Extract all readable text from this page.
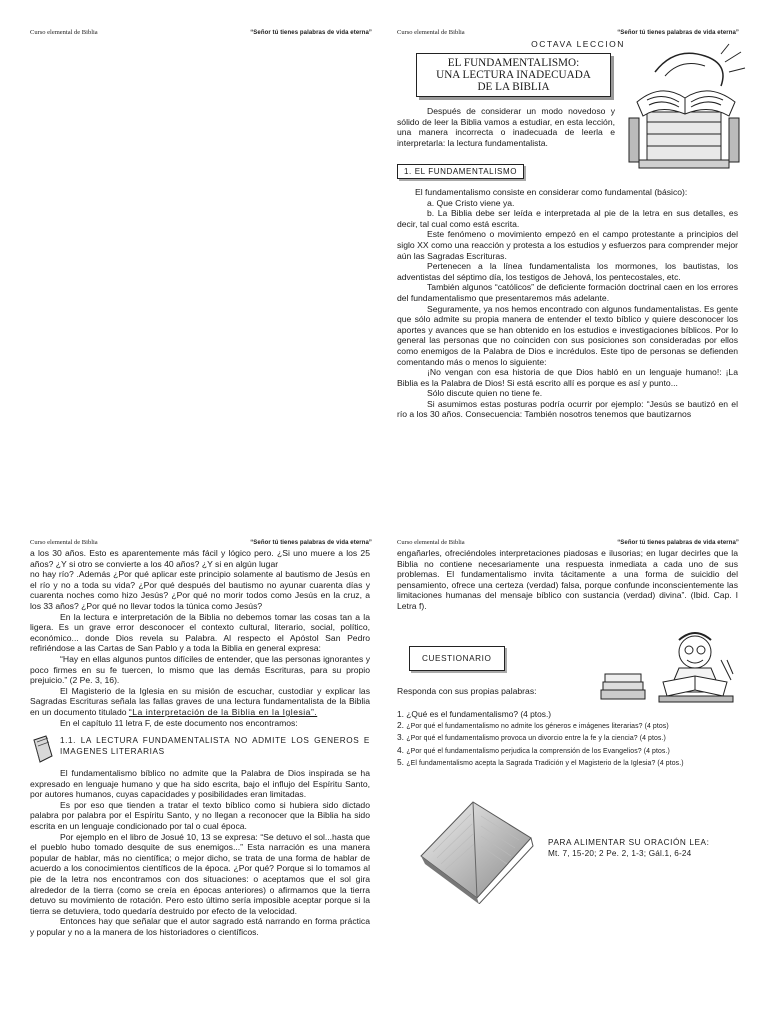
Curso elemental de Biblia	“Señor tú tienes palabras de vida eterna”	Curso elemental de Biblia	“Señor tú tienes palabras de vida eterna”
OCTAVA LECCION
EL FUNDAMENTALISMO:
UNA LECTURA INADECUADA
DE LA BIBLIA

Después de considerar un modo novedoso y sólido de leer la Biblia vamos a estudiar, en esta lección, una manera incorrecta o inadecuada de leerla e interpretarla: la lectura fundamentalista.

1. EL FUNDAMENTALISMO

El fundamentalismo consiste en considerar como fundamental (básico):

a. Que Cristo viene ya.

b. La Biblia debe ser leída e interpretada al pie de la letra en sus detalles, es decir, tal cual como está escrita.

Este fenómeno o movimiento empezó en el campo protestante a principios del siglo XX como una reacción y protesta a los estudios y esfuerzos para comprender mejor aún las Sagradas Escrituras.

Pertenecen a la línea fundamentalista los mormones, los bautistas, los adventistas del séptimo día, los testigos de Jehová, los pentecostales, etc.

También algunos “católicos” de deficiente formación doctrinal caen en los errores del fundamentalismo que presentaremos más adelante.

Seguramente, ya nos hemos encontrado con algunos fundamentalistas. Es gente que sólo admite su propia manera de entender el texto bíblico y quiere desconocer los aportes y avances que se han obtenido en los estudios e investigaciones bíblicos. Por lo general las personas que no coinciden con sus posiciones son consideradas por ellos como enemigos de la Palabra de Dios e incrédulos. Este tipo de personas se defienden comentando más o menos lo siguiente:

¡No vengan con esa historia de que Dios habló en un lenguaje humano!: ¡La Biblia es la Palabra de Dios! Si está escrito allí es porque es así y punto...

Sólo discute quien no tiene fe.

Si asumimos estas posturas podría ocurrir por ejemplo: “Jesús se bautizó en el río a los 30 años. Consecuencia: También nosotros tenemos que bautizarnos

Curso elemental de Biblia	“Señor tú tienes palabras de vida eterna”

a los 30 años. Esto es aparentemente más fácil y lógico pero. ¿Si uno muere a los 25 años? ¿Y si otro se convierte a los 40 años? ¿Y si en algún lugar

no hay río? .Además ¿Por qué aplicar este principio solamente al bautismo de Jesús en el río y no a toda su vida? ¿Por qué después del bautismo no ayunar cuarenta días y cuarenta noches como hizo Jesús? ¿Por qué no morir todos como Jesús en la cruz, a los 33 años? ¿Por qué no llevar todos la túnica como Jesús?

En la lectura e interpretación de la Biblia no debemos tomar las cosas tan a la ligera. Es un grave error desconocer el contexto cultural, literario, social, político, económico... donde Dios revela su Palabra. Al respecto el Apóstol San Pedro refiriéndose a las Cartas de San Pablo y a toda la Biblia en general expresa:

“Hay en ellas algunos puntos difíciles de entender, que las personas ignorantes y poco firmes en su fe tuercen, lo mismo que las demás Escrituras, para su propio prejuicio.” (2 Pe. 3, 16).

El Magisterio de la Iglesia en su misión de escuchar, custodiar y explicar las Sagradas Escrituras señala las fallas graves de una lectura fundamentalista de la Biblia en un documento titulado “La interpretación de la Biblia en la Iglesia”.

En el capítulo 11 letra F, de este documento nos encontramos:

1.1. LA LECTURA FUNDAMENTALISTA NO ADMITE LOS GENEROS E IMAGENES LITERARIAS

El fundamentalismo bíblico no admite que la Palabra de Dios inspirada se ha expresado en lenguaje humano y que ha sido escrita, bajo el influjo del Espíritu Santo, por autores humanos, cuyas capacidades y posibilidades eran limitadas.

Es por eso que tienden a tratar el texto bíblico como si hubiera sido dictado palabra por palabra por el Espíritu Santo, y no llegan a reconocer que la Biblia ha sido escrita en un lenguaje condicionado por tal o cual época.

Por ejemplo en el libro de Josué 10, 13 se expresa: “Se detuvo el sol...hasta que el pueblo hubo tomado desquite de sus enemigos...” Esta narración es una manera popular de hablar, más no científica; o mejor dicho, se trata de una forma de hablar de acuerdo a los conocimientos científicos de la época. ¿Por qué? Porque si lo tomamos al pie de la letra nos encontramos con dos situaciones: o aceptamos que el sol gira alrededor de la tierra (como se creía en épocas anteriores) o afirmamos que la tierra detuvo su movimiento de rotación. Pero esto último sería imposible aceptar porque si la tierra se detuviera, todo quedaría destruido por efecto de la velocidad.

Entonces hay que señalar que el autor sagrado está narrando en forma práctica y popular y no a la manera de los historiadores o científicos.

Curso elemental de Biblia	“Señor tú tienes palabras de vida eterna”

engañarles, ofreciéndoles interpretaciones piadosas e ilusorias; en lugar decirles que la Biblia no contiene necesariamente una respuesta inmediata a cada uno de sus problemas. El fundamentalismo invita tácitamente a una forma de suicidio del pensamiento, ofrece una certeza (verdad) falsa, porque confunde inconscientemente las limitaciones humanas del mensaje bíblico con sustancia (verdad) divina”. (Ibid. Cap. I Letra f).

CUESTIONARIO
Responda con sus propias palabras:
1. ¿Qué es el fundamentalismo? (4 ptos.)
2. ¿Por qué el fundamentalismo no admite los géneros e imágenes literarias? (4 ptos)
3. ¿Por qué el fundamentalismo provoca un divorcio entre la fe y la ciencia? (4 ptos.)
4. ¿Por qué el fundamentalismo perjudica la comprensión de los Evangelios? (4 ptos.)
5. ¿El fundamentalismo acepta la Sagrada Tradición y el Magisterio de la Iglesia? (4 ptos.)
PARA ALIMENTAR SU ORACIÓN LEA:
Mt. 7, 15-20; 2 Pe. 2, 1-3; Gál.1, 6-24
